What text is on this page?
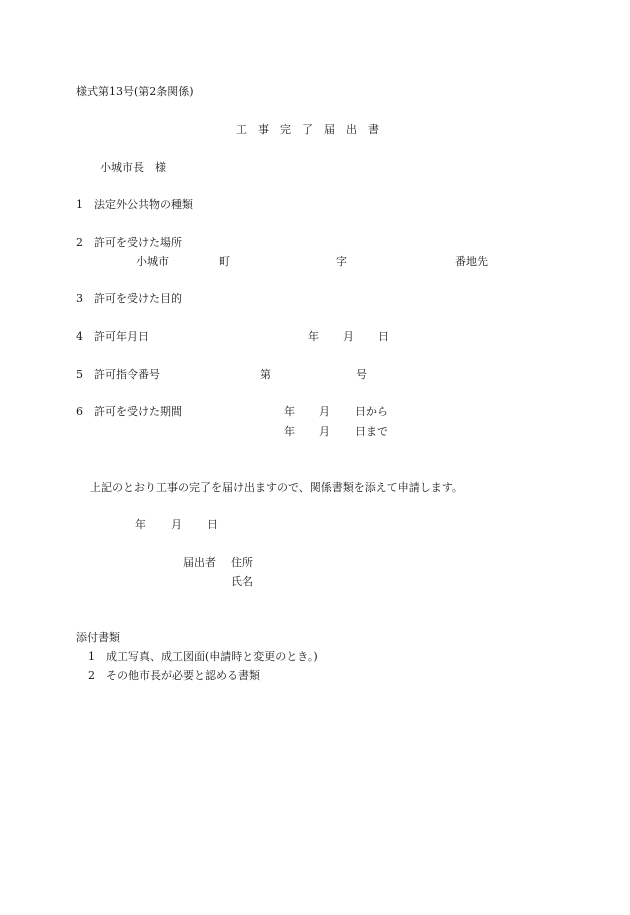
様式第13号(第2条関係)

工　事　完　了　届　出　書

小城市長　様

1　法定外公共物の種類

2　許可を受けた場所

小城市	町	字	番地先

3　許可を受けた目的

4　許可年月日	年 月 日

5　許可指令番号	第	号

6　許可を受けた期間	年 月 日から

年 月 日まで

上記のとおり工事の完了を届け出ますので、関係書類を添えて申請します。

年 月 日

届出者 住所

氏名

添付書類

1　成工写真、成工図面(申請時と変更のとき。)

2　その他市長が必要と認める書類
